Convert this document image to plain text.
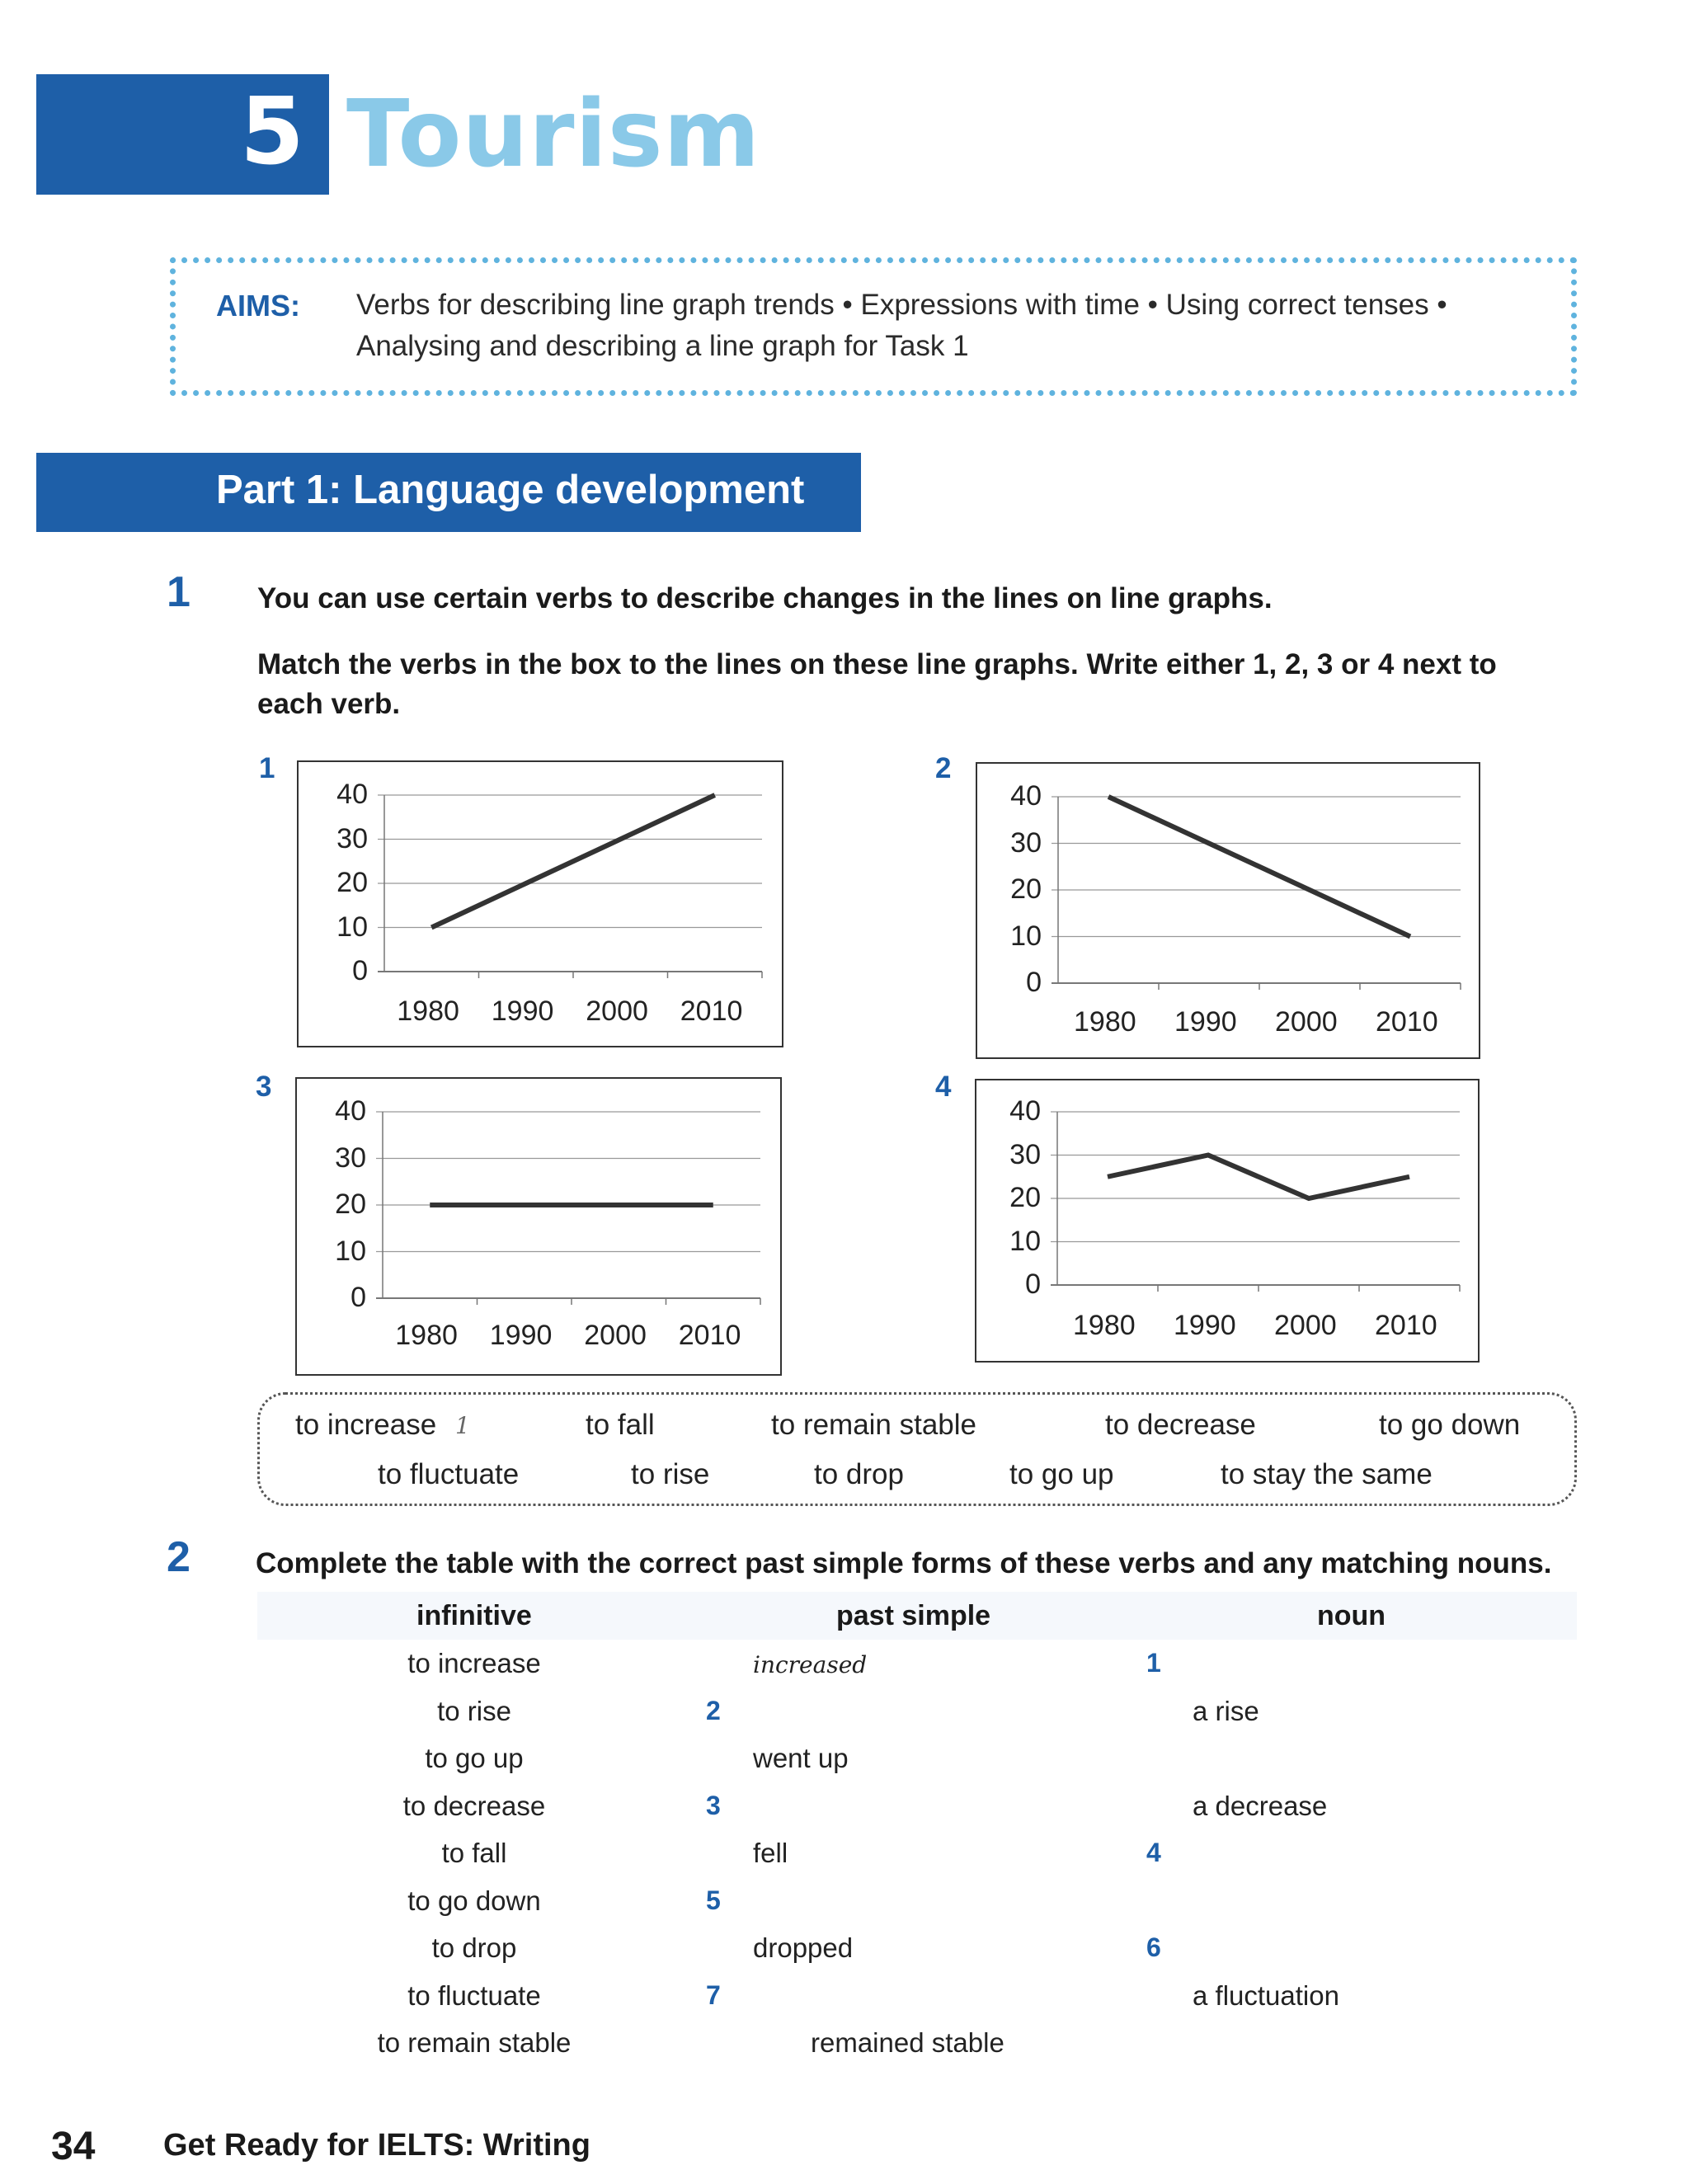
5 Tourism
AIMS: Verbs for describing line graph trends • Expressions with time • Using correct tenses •
Analysing and describing a line graph for Task 1
Part 1: Language development
1 You can use certain verbs to describe changes in the lines on line graphs.
Match the verbs in the box to the lines on these line graphs. Write either 1, 2, 3 or 4 next to
each verb.
1
40
30
20
10
0
1980 1990 2000 2010
2
40
30
20
10
0
1980 1990 2000 2010
3
40
30
20
10
0
1980 1990 2000 2010
4
40
30
20
10
0
1980 1990 2000 2010
to increase	to fall	to remain stable	to decrease	to go down
to fluctuate	to rise	to drop	to go up	to stay the same
1
2 Complete the table with the correct past simple forms of these verbs and any matching nouns.
infinitive	past simple	noun
to increase	increased	1
to rise	2	a rise
to go up	went up
to decrease	3	a decrease
to fall	fell	4
to go down	5
to drop	dropped	6
to fluctuate	7	a fluctuation
to remain stable	remained stable
34 Get Ready for IELTS: Writing
